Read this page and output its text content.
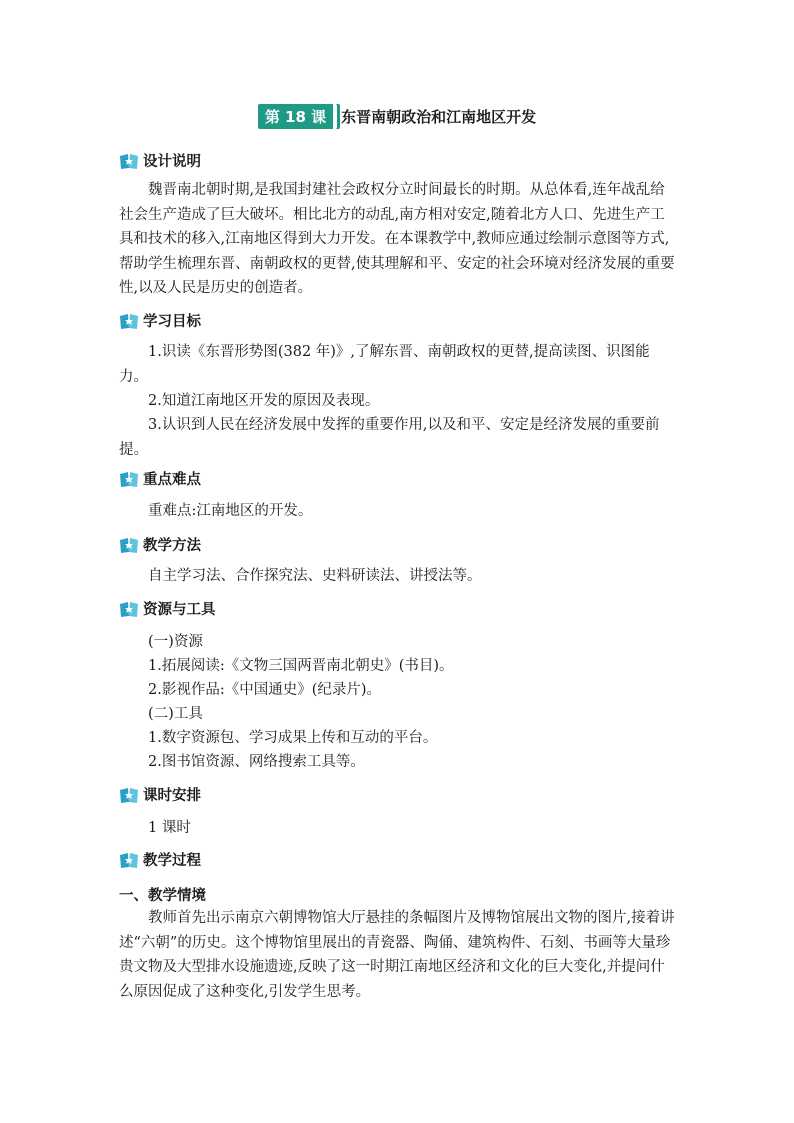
第 18 课	东晋南朝政治和江南地区开发
设计说明

魏晋南北朝时期,是我国封建社会政权分立时间最长的时期。从总体看,连年战乱给社会生产造成了巨大破坏。相比北方的动乱,南方相对安定,随着北方人口、先进生产工具和技术的移入,江南地区得到大力开发。在本课教学中,教师应通过绘制示意图等方式,帮助学生梳理东晋、南朝政权的更替,使其理解和平、安定的社会环境对经济发展的重要性,以及人民是历史的创造者。

学习目标

1.识读《东晋形势图(382 年)》,了解东晋、南朝政权的更替,提高读图、识图能力。

2.知道江南地区开发的原因及表现。

3.认识到人民在经济发展中发挥的重要作用,以及和平、安定是经济发展的重要前提。

重点难点
重难点:江南地区的开发。
教学方法
自主学习法、合作探究法、史料研读法、讲授法等。
资源与工具
(一)资源
1.拓展阅读:《文物三国两晋南北朝史》(书目)。
2.影视作品:《中国通史》(纪录片)。
(二)工具
1.数字资源包、学习成果上传和互动的平台。
2.图书馆资源、网络搜索工具等。
课时安排
1 课时
教学过程
一、教学情境

教师首先出示南京六朝博物馆大厅悬挂的条幅图片及博物馆展出文物的图片,接着讲述“六朝”的历史。这个博物馆里展出的青瓷器、陶俑、建筑构件、石刻、书画等大量珍贵文物及大型排水设施遗迹,反映了这一时期江南地区经济和文化的巨大变化,并提问什么原因促成了这种变化,引发学生思考。
